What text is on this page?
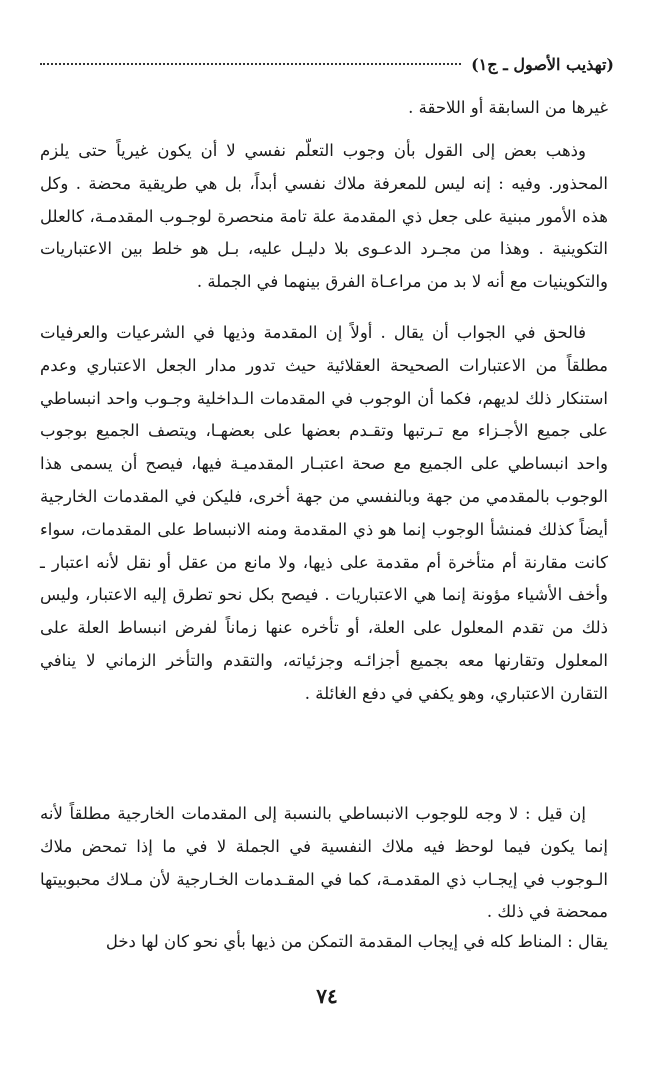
(تهذيب الأصول ـ ج١)

غيرها من السابقة أو اللاحقة .

وذهب بعض إلى القول بأن وجوب التعلّم نفسي لا أن يكون غيرياً حتى يلزم المحذور. وفيه : إنه ليس للمعرفة ملاك نفسي أبداً، بل هي طريقية محضة . وكل هذه الأمور مبنية على جعل ذي المقدمة علة تامة منحصرة لوجـوب المقدمـة، كالعلل التكوينية . وهذا من مجـرد الدعـوى بلا دليـل عليه، بـل هو خلط بين الاعتباريات والتكوينيات مع أنه لا بد من مراعـاة الفرق بينهما في الجملة .

فالحق في الجواب أن يقال . أولاً إن المقدمة وذيها في الشرعيات والعرفيات مطلقاً من الاعتبارات الصحيحة العقلائية حيث تدور مدار الجعل الاعتباري وعدم استنكار ذلك لديهم، فكما أن الوجوب في المقدمات الـداخلية وجـوب واحد انبساطي على جميع الأجـزاء مع تـرتبها وتقـدم بعضها على بعضهـا، ويتصف الجميع بوجوب واحد انبساطي على الجميع مع صحة اعتبـار المقدميـة فيها، فيصح أن يسمى هذا الوجوب بالمقدمي من جهة وبالنفسي من جهة أخرى، فليكن في المقدمات الخارجية أيضاً كذلك فمنشأ الوجوب إنما هو ذي المقدمة ومنه الانبساط على المقدمات، سواء كانت مقارنة أم متأخرة أم مقدمة على ذيها، ولا مانع من عقل أو نقل لأنه اعتبار ـ وأخف الأشياء مؤونة إنما هي الاعتباريات . فيصح بكل نحو تطرق إليه الاعتبار، وليس ذلك من تقدم المعلول على العلة، أو تأخره عنها زماناً لفرض انبساط العلة على المعلول وتقارنها معه بجميع أجزائـه وجزئياته، والتقدم والتأخر الزماني لا ينافي التقارن الاعتباري، وهو يكفي في دفع الغائلة .

إن قيل : لا وجه للوجوب الانبساطي بالنسبة إلى المقدمات الخارجية مطلقاً لأنه إنما يكون فيما لوحظ فيه ملاك النفسية في الجملة لا في ما إذا تمحض ملاك الـوجوب في إيجـاب ذي المقدمـة، كما في المقـدمات الخـارجية لأن مـلاك محبوبيتها ممحضة في ذلك .

يقال : المناط كله في إيجاب المقدمة التمكن من ذيها بأي نحو كان لها دخل

٧٤
